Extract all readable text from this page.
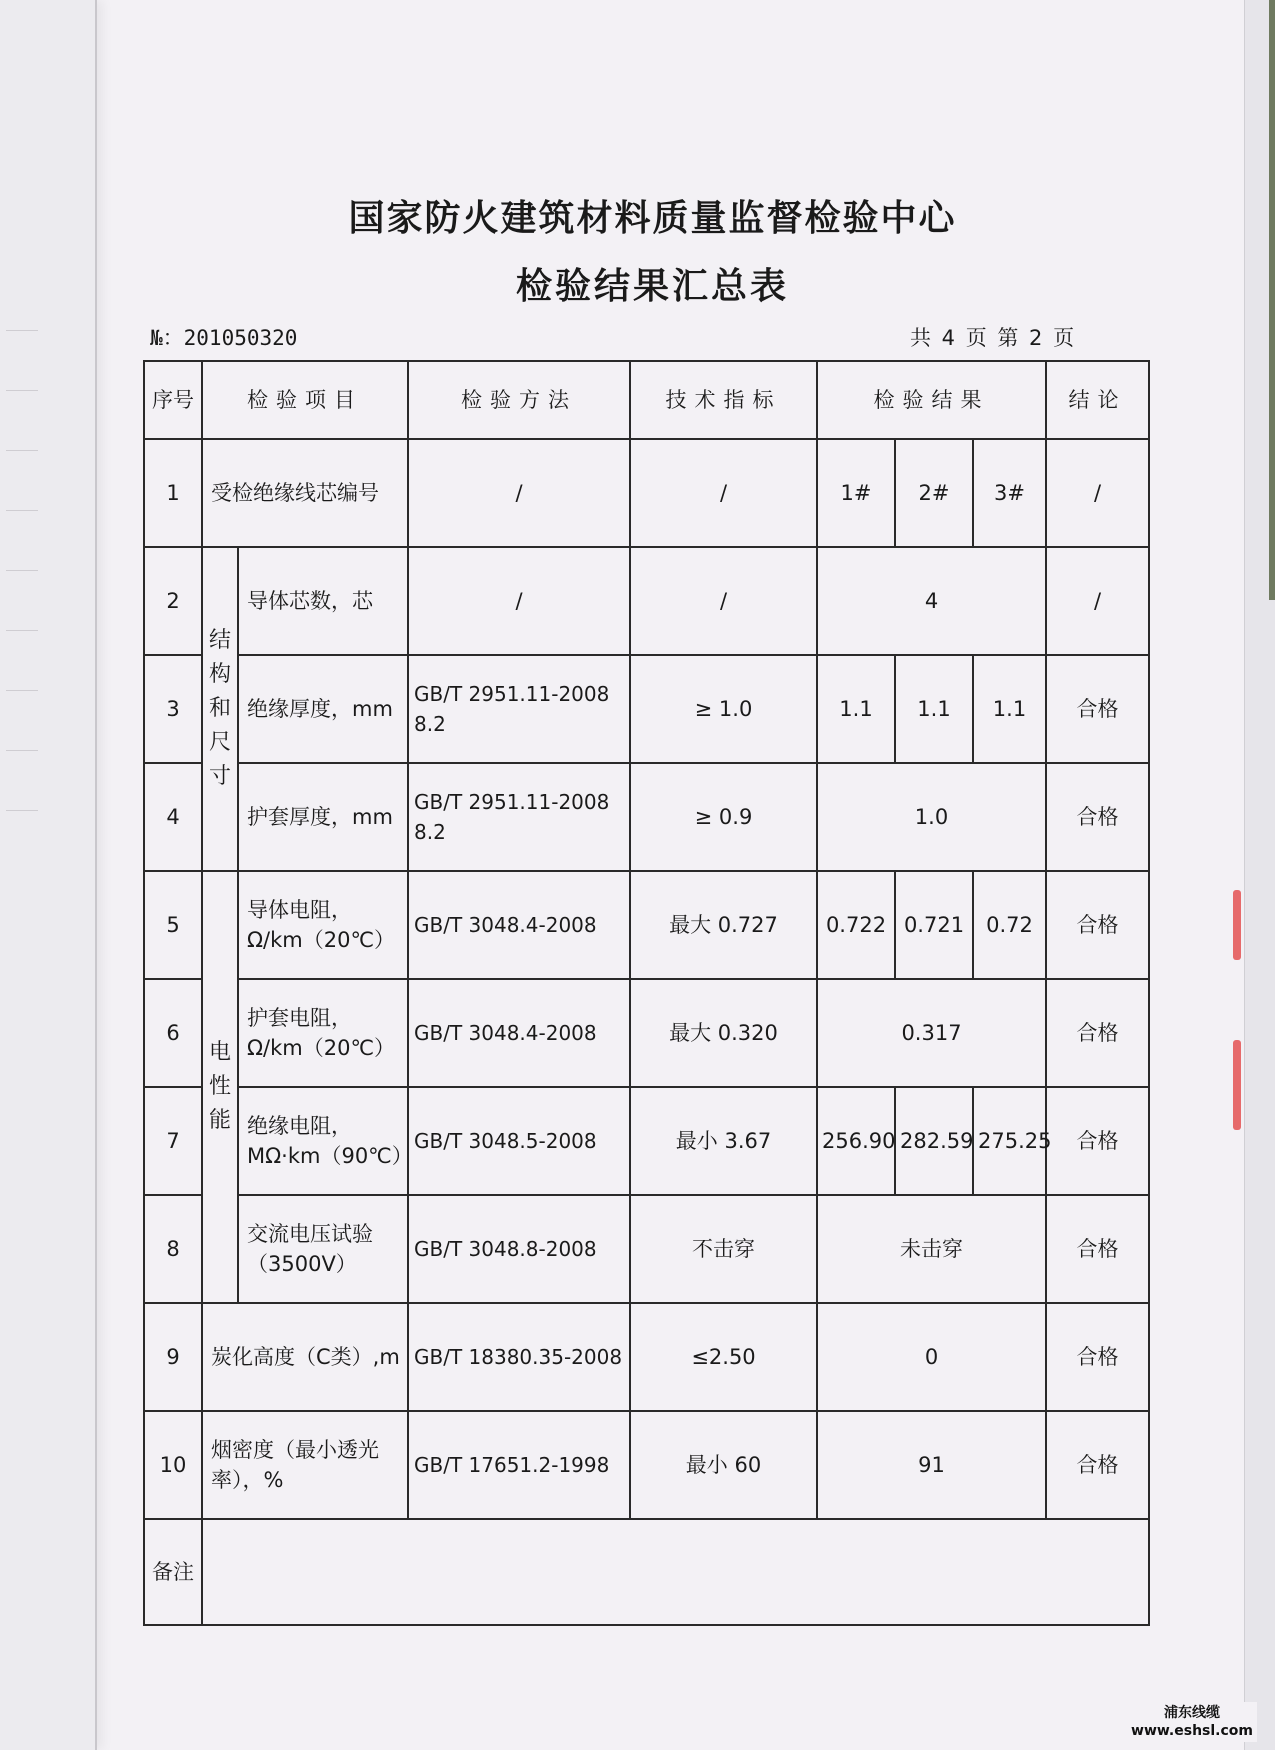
国家防火建筑材料质量监督检验中心
检验结果汇总表
№：201050320	共 4 页 第 2 页
序号	检验项目		检验方法	技术指标	检验结果			结论
1	受检绝缘线芯编号		/	/	1#	2#	3#	/
2	结构和尺寸	导体芯数，芯	/	/	4			/
3		绝缘厚度，mm	GB/T 2951.11-2008 8.2	≥ 1.0	1.1	1.1	1.1	合格
4		护套厚度，mm	GB/T 2951.11-2008 8.2	≥ 0.9	1.0			合格
5	电性能	导体电阻，Ω/km（20℃）	GB/T 3048.4-2008	最大 0.727	0.722	0.721	0.72	合格
6		护套电阻，Ω/km（20℃）	GB/T 3048.4-2008	最大 0.320	0.317			合格
7		绝缘电阻，MΩ·km（90℃）	GB/T 3048.5-2008	最小 3.67	256.90	282.59	275.25	合格
8		交流电压试验（3500V）	GB/T 3048.8-2008	不击穿	未击穿			合格
9	炭化高度（C类）,m		GB/T 18380.35-2008	≤2.50	0			合格
10	烟密度（最小透光率），%		GB/T 17651.2-1998	最小 60	91			合格
备注								
浦东线缆
www.eshsl.com
